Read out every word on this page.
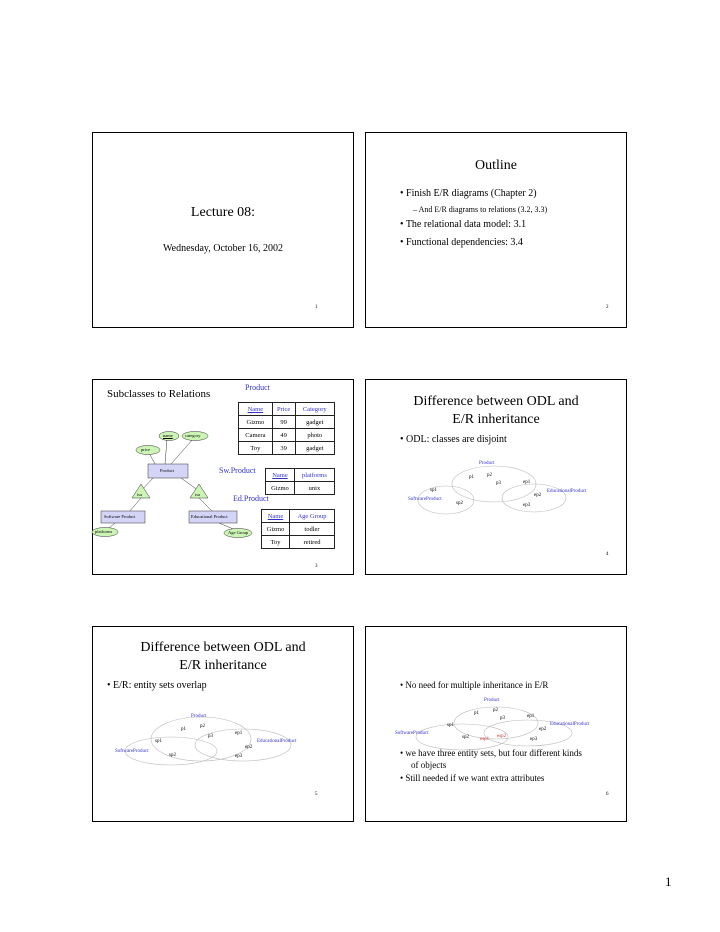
Lecture 08:
Wednesday, October 16, 2002
1
Outline
• Finish E/R diagrams (Chapter 2)
– And E/R diagrams to relations (3.2, 3.3)
• The relational data model: 3.1
• Functional dependencies: 3.4
2
Subclasses to Relations
Product
Name	Price	Category
Gizmo	99	gadget
Camera	49	photo
Toy	39	gadget
Sw.Product	Name	platforms
Gizmo	unix
Ed.Product
Name	Age Group
Gizmo	todler
Toy	retired
name	category
price
Product
isa	isa
Software Product	Educational Product
platforms	Age Group
3
Difference between ODL and
E/R inheritance
• ODL: classes are disjoint
Product
p1	p2
p3	ep1
sp1	EducationalProduct
ep2
SoftwareProduct
sp2	ep3
4
Difference between ODL and
E/R inheritance
• E/R: entity sets overlap
Product
p1
p2
p3
ep1
sp1	EducationalProduct
ep2
SoftwareProduct
sp2	ep3
5
• No need for multiple inheritance in E/R
Product
p1
p2
p3	ep1
sp1	EducationalProduct
ep2
SoftwareProduct
sp2 esp1
esp2
ep3
• we have three entity sets, but four different kinds
of objects
• Still needed if we want extra attributes
6
1
